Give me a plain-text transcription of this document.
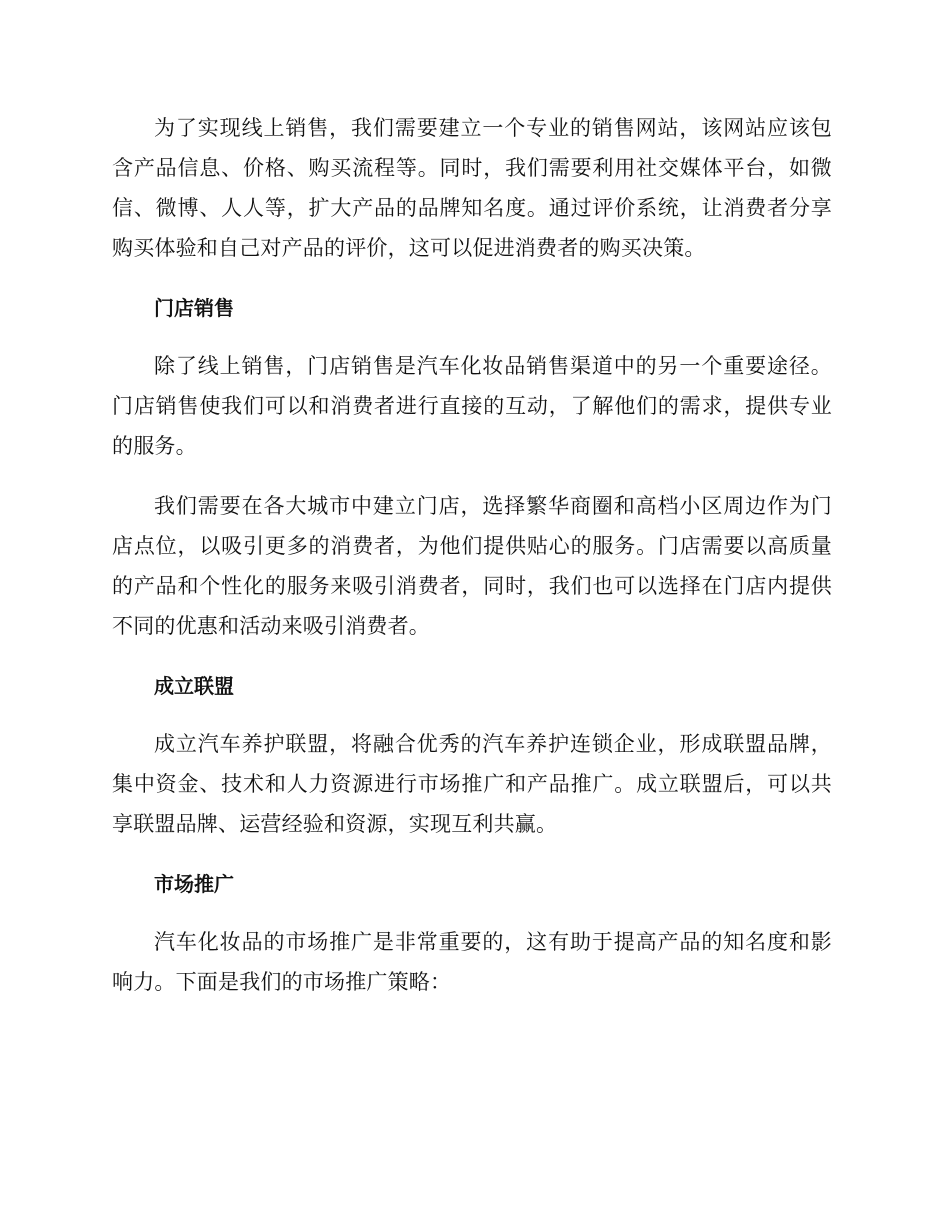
为了实现线上销售，我们需要建立一个专业的销售网站，该网站应该包含产品信息、价格、购买流程等。同时，我们需要利用社交媒体平台，如微信、微博、人人等，扩大产品的品牌知名度。通过评价系统，让消费者分享购买体验和自己对产品的评价，这可以促进消费者的购买决策。

门店销售

除了线上销售，门店销售是汽车化妆品销售渠道中的另一个重要途径。门店销售使我们可以和消费者进行直接的互动，了解他们的需求，提供专业的服务。

我们需要在各大城市中建立门店，选择繁华商圈和高档小区周边作为门店点位，以吸引更多的消费者，为他们提供贴心的服务。门店需要以高质量的产品和个性化的服务来吸引消费者，同时，我们也可以选择在门店内提供不同的优惠和活动来吸引消费者。

成立联盟

成立汽车养护联盟，将融合优秀的汽车养护连锁企业，形成联盟品牌，集中资金、技术和人力资源进行市场推广和产品推广。成立联盟后，可以共享联盟品牌、运营经验和资源，实现互利共赢。

市场推广

汽车化妆品的市场推广是非常重要的，这有助于提高产品的知名度和影响力。下面是我们的市场推广策略：
